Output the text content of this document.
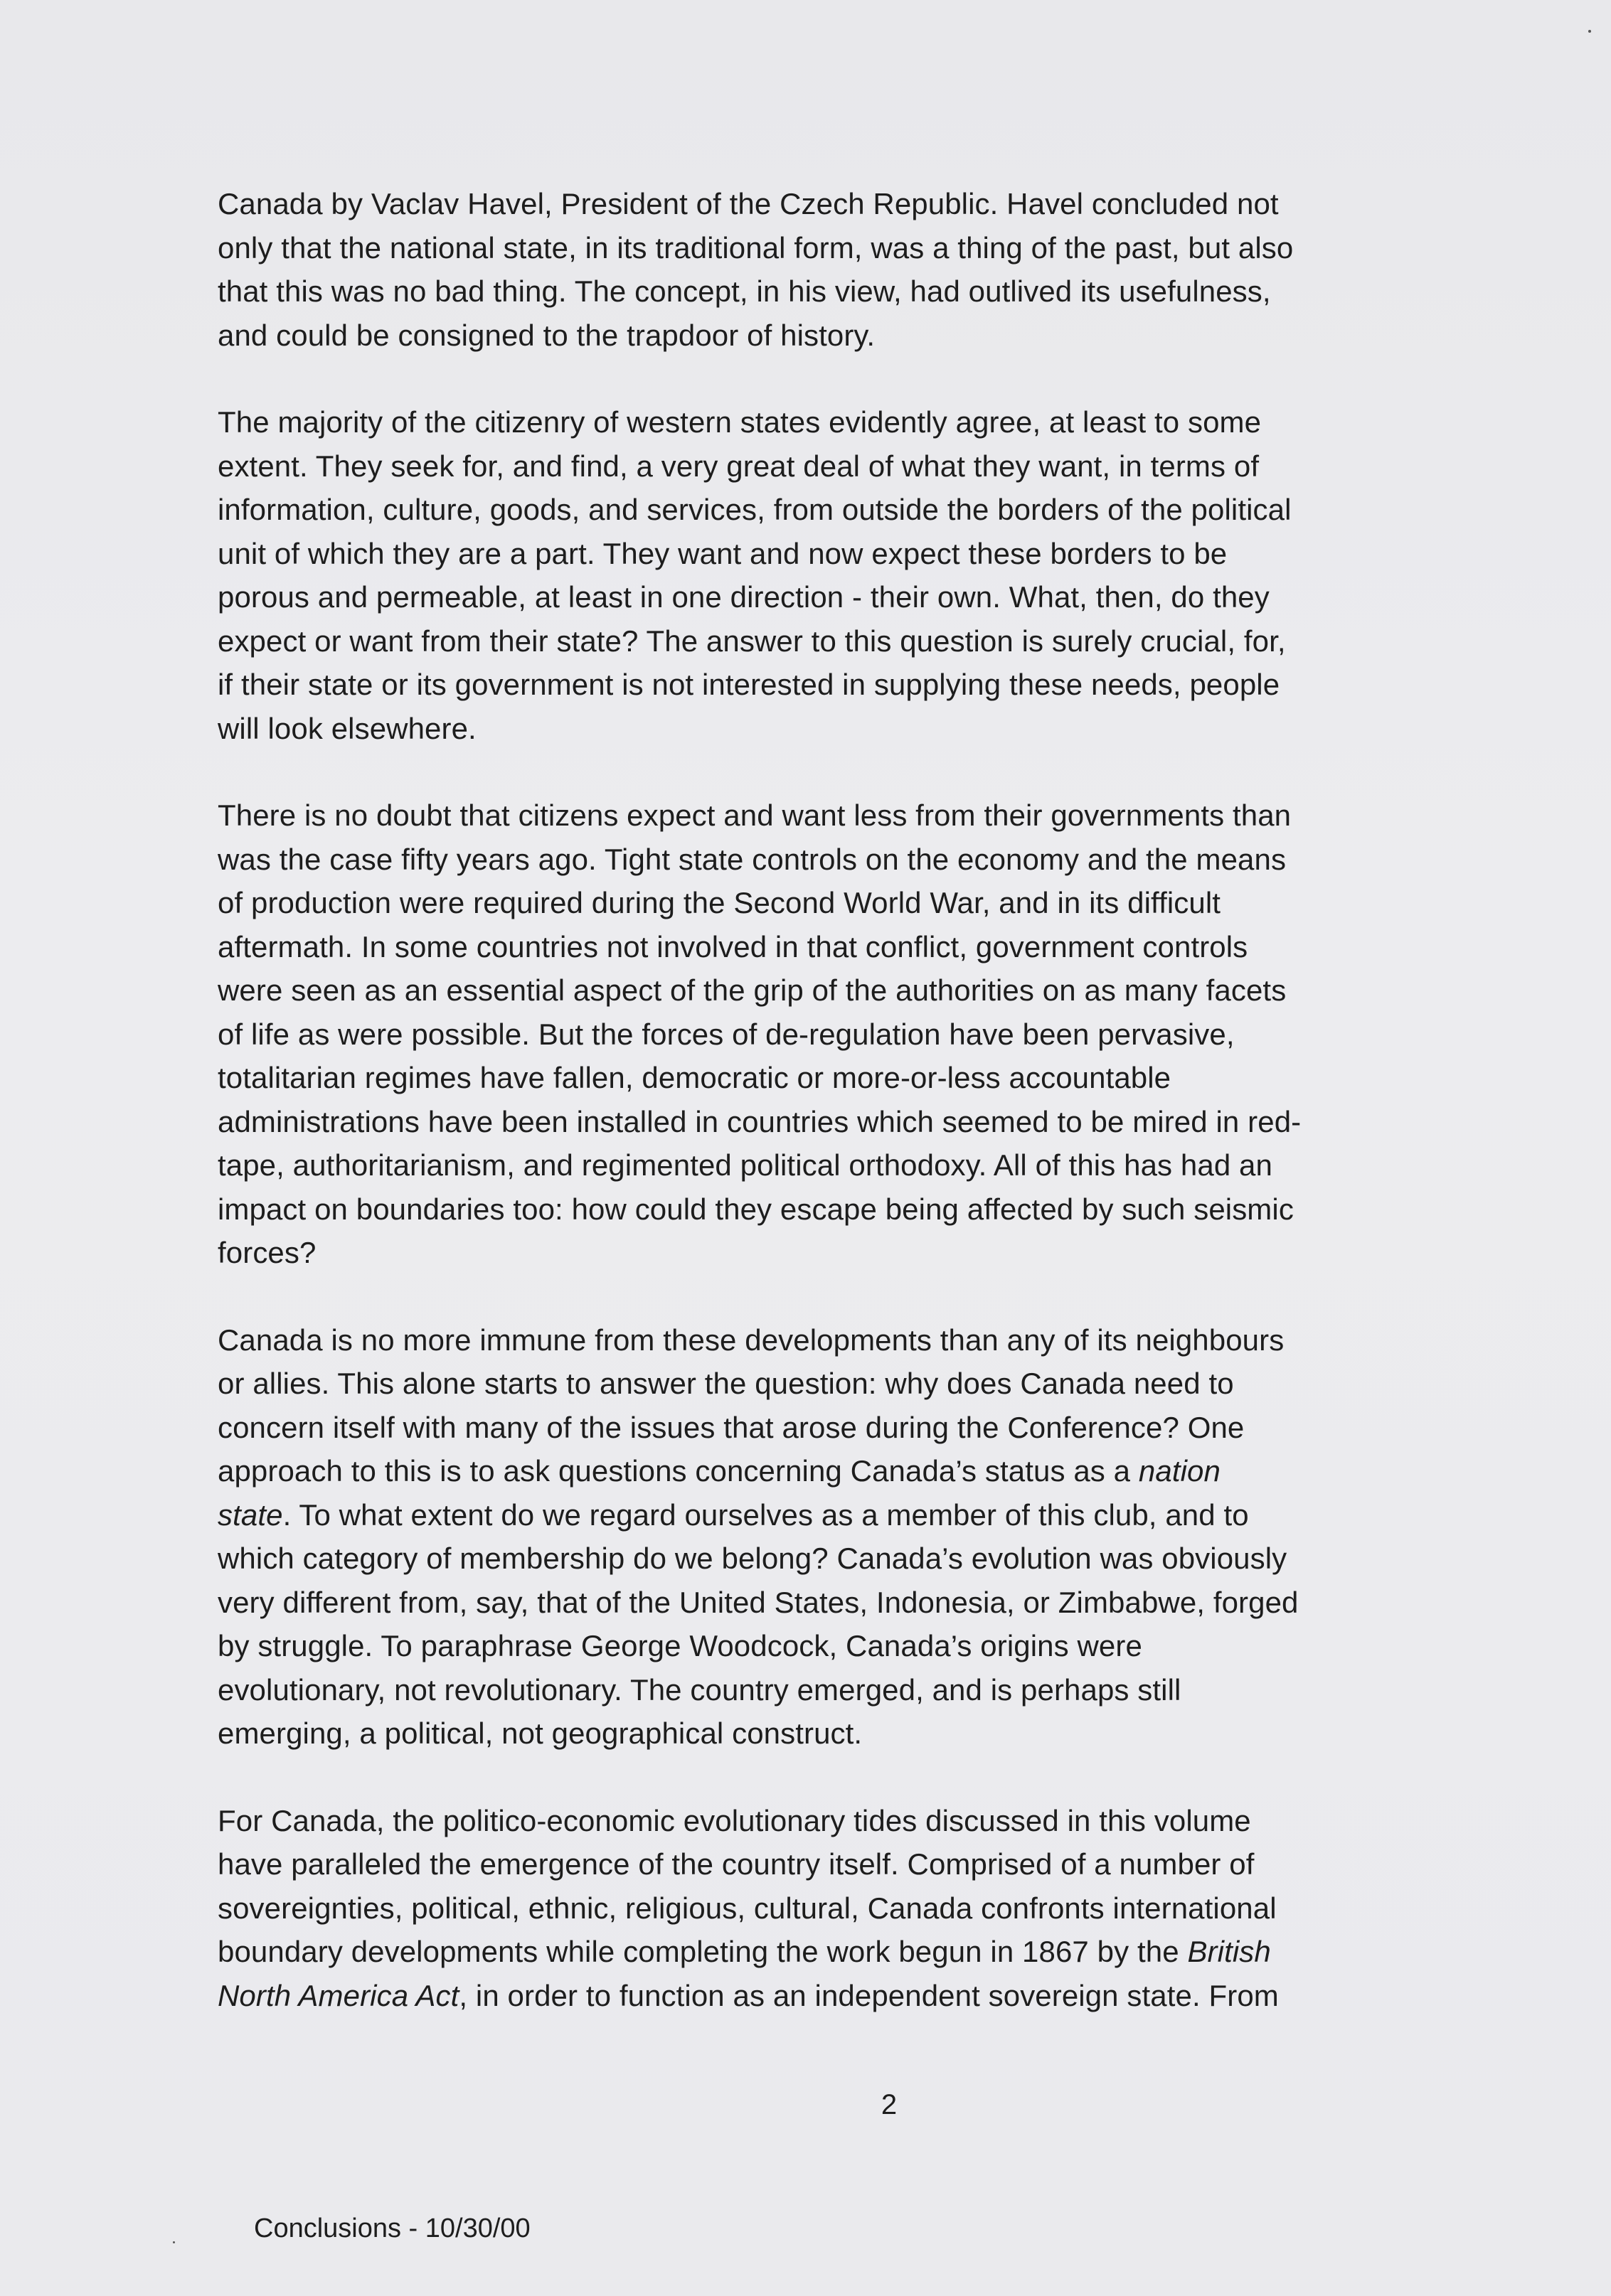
Canada by Vaclav Havel, President of the Czech Republic. Havel concluded not
only that the national state, in its traditional form, was a thing of the past, but also
that this was no bad thing. The concept, in his view, had outlived its usefulness,
and could be consigned to the trapdoor of history.
The majority of the citizenry of western states evidently agree, at least to some
extent. They seek for, and find, a very great deal of what they want, in terms of
information, culture, goods, and services, from outside the borders of the political
unit of which they are a part. They want and now expect these borders to be
porous and permeable, at least in one direction - their own. What, then, do they
expect or want from their state? The answer to this question is surely crucial, for,
if their state or its government is not interested in supplying these needs, people
will look elsewhere.
There is no doubt that citizens expect and want less from their governments than
was the case fifty years ago. Tight state controls on the economy and the means
of production were required during the Second World War, and in its difficult
aftermath. In some countries not involved in that conflict, government controls
were seen as an essential aspect of the grip of the authorities on as many facets
of life as were possible. But the forces of de-regulation have been pervasive,
totalitarian regimes have fallen, democratic or more-or-less accountable
administrations have been installed in countries which seemed to be mired in red-
tape, authoritarianism, and regimented political orthodoxy. All of this has had an
impact on boundaries too: how could they escape being affected by such seismic
forces?
Canada is no more immune from these developments than any of its neighbours
or allies. This alone starts to answer the question: why does Canada need to
concern itself with many of the issues that arose during the Conference? One
approach to this is to ask questions concerning Canada’s status as a nation
state. To what extent do we regard ourselves as a member of this club, and to
which category of membership do we belong? Canada’s evolution was obviously
very different from, say, that of the United States, Indonesia, or Zimbabwe, forged
by struggle. To paraphrase George Woodcock, Canada’s origins were
evolutionary, not revolutionary. The country emerged, and is perhaps still
emerging, a political, not geographical construct.
For Canada, the politico-economic evolutionary tides discussed in this volume
have paralleled the emergence of the country itself. Comprised of a number of
sovereignties, political, ethnic, religious, cultural, Canada confronts international
boundary developments while completing the work begun in 1867 by the British
North America Act, in order to function as an independent sovereign state. From
2
Conclusions - 10/30/00
